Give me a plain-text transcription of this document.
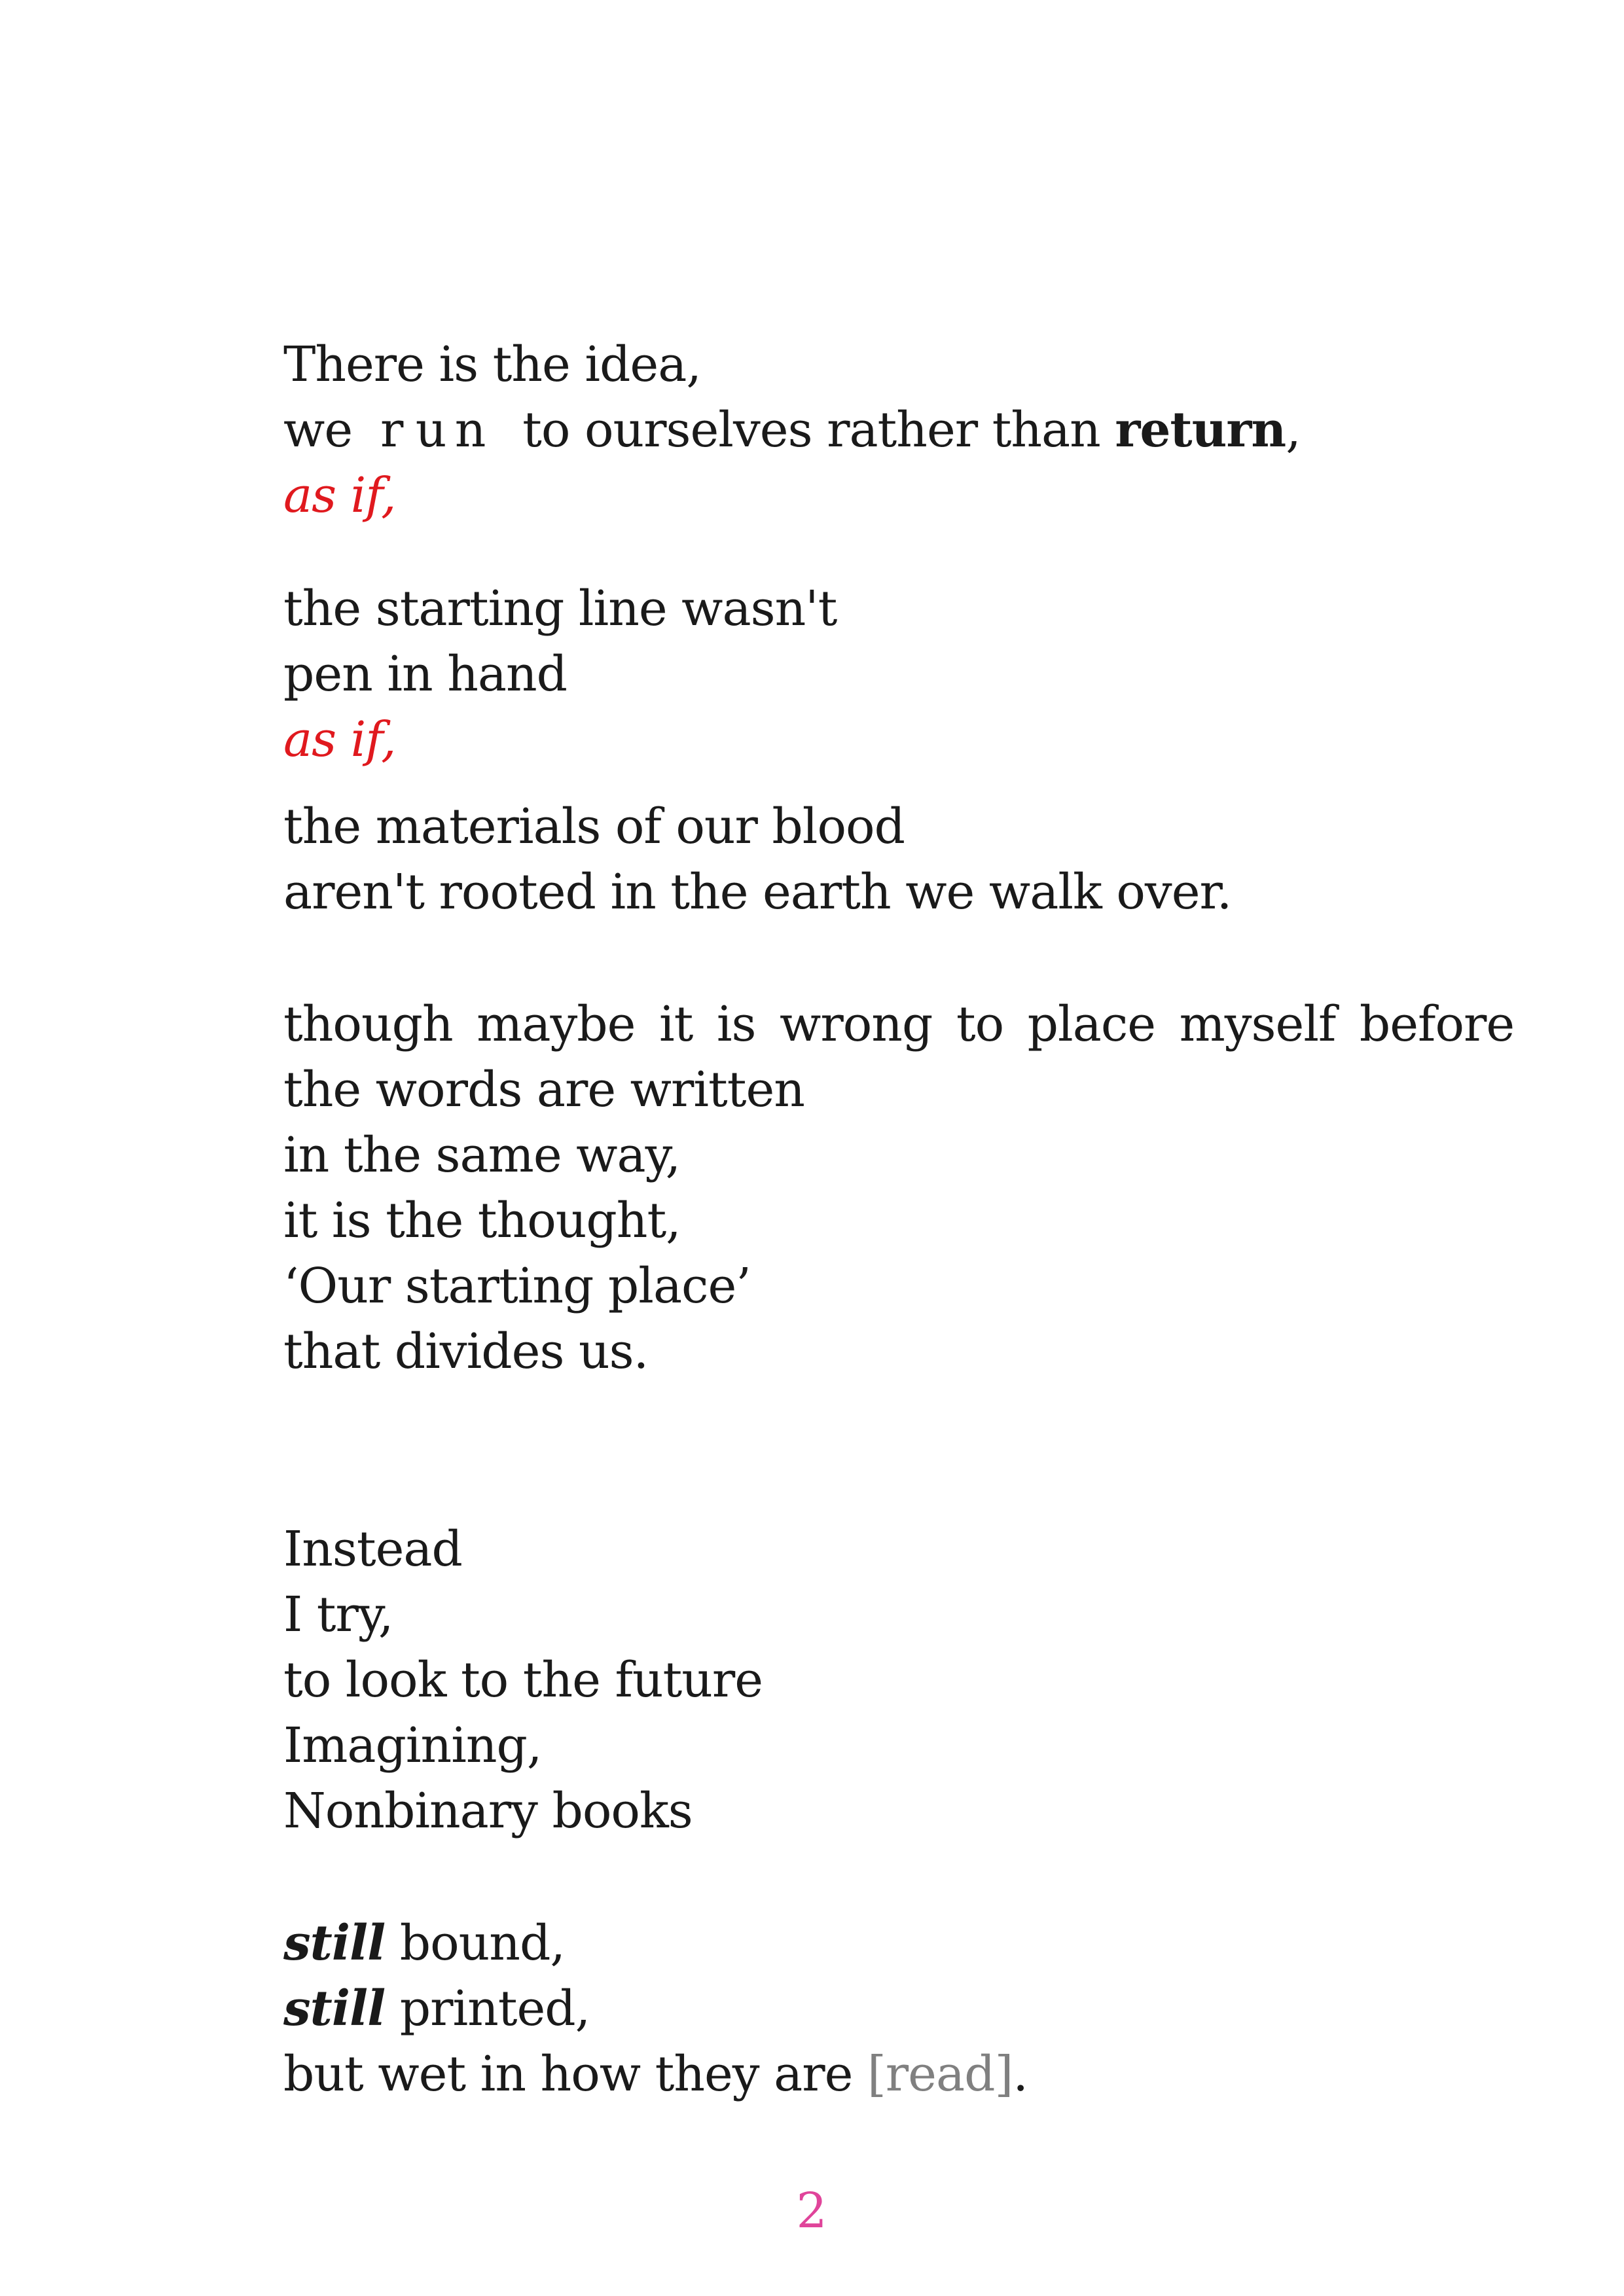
There is the idea,
we r u n to ourselves rather than return,
as if,
the starting line wasn't
pen in hand
as if,
the materials of our blood
aren't rooted in the earth we walk over.
though maybe it is wrong to place myself before
the words are written
in the same way,
it is the thought,
‘Our starting place’
that divides us.
Instead
I try,
to look to the future
Imagining,
Nonbinary books
still bound,
still printed,
but wet in how they are [read].
2
